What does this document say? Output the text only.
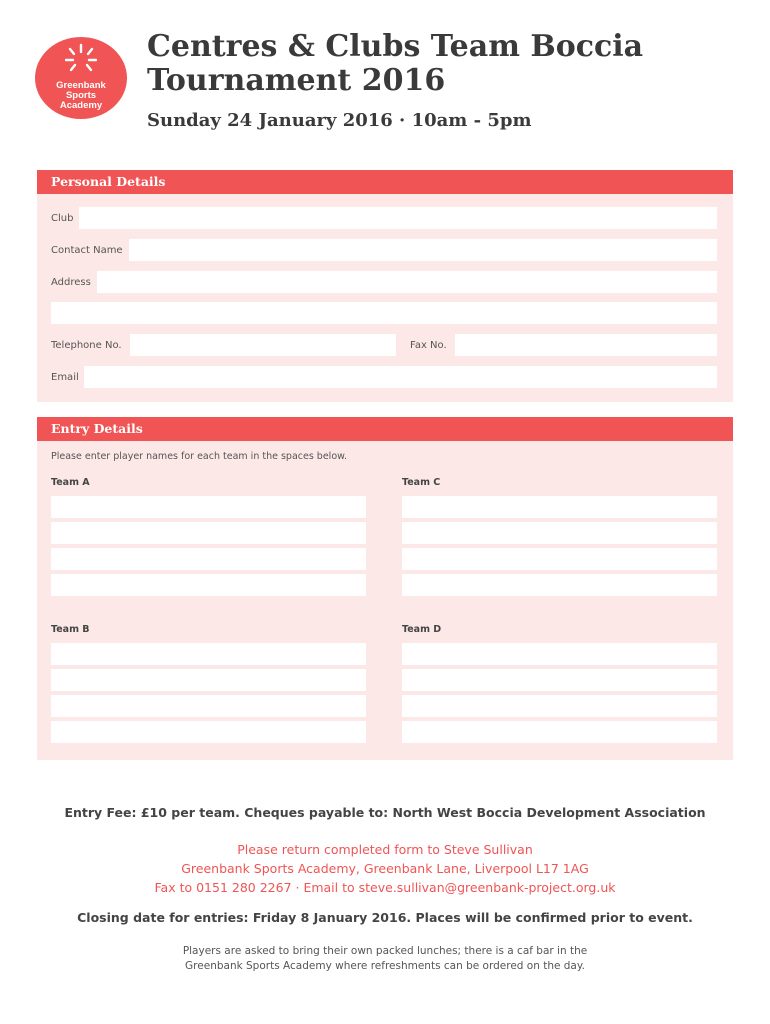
Greenbank
Sports
Academy
Centres & Clubs Team Boccia
Tournament 2016
Sunday 24 January 2016 · 10am - 5pm
Personal Details
Club
Contact Name
Address
Telephone No.	Fax No.
Email
Entry Details
Please enter player names for each team in the spaces below.
Team A	Team C
Team B	Team D
Entry Fee: £10 per team. Cheques payable to: North West Boccia Development Association
Please return completed form to Steve Sullivan
Greenbank Sports Academy, Greenbank Lane, Liverpool L17 1AG
Fax to 0151 280 2267 · Email to steve.sullivan@greenbank-project.org.uk
Closing date for entries: Friday 8 January 2016. Places will be confirmed prior to event.
Players are asked to bring their own packed lunches; there is a caf bar in the
Greenbank Sports Academy where refreshments can be ordered on the day.
